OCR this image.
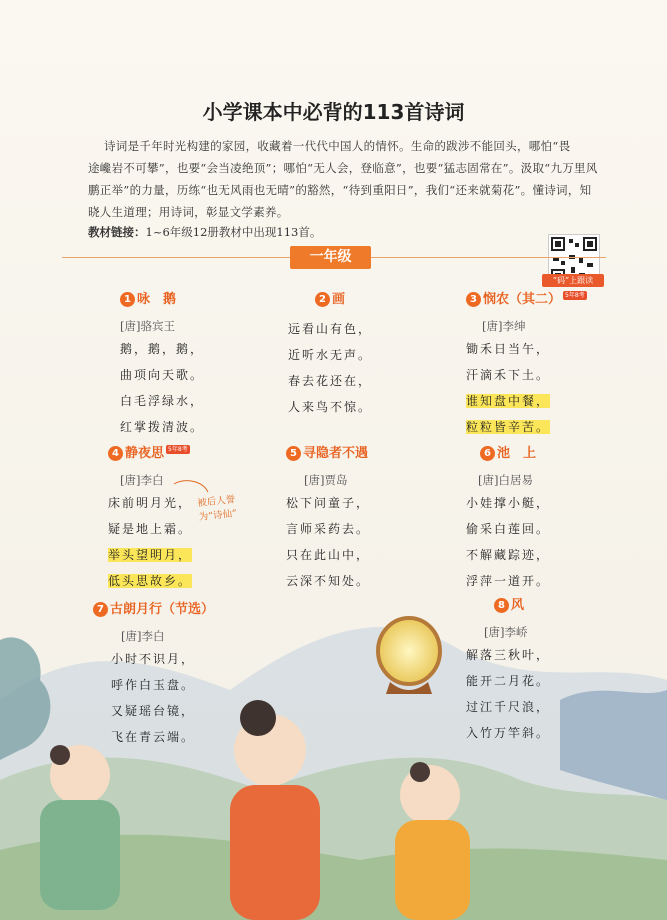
小学课本中必背的113首诗词

诗词是千年时光构建的家园，收藏着一代代中国人的情怀。生命的跋涉不能回头，哪怕“畏

途巉岩不可攀”，也要“会当凌绝顶”；哪怕“无人会，登临意”，也要“猛志固常在”。汲取“九万里风

鹏正举”的力量，历练“也无风雨也无晴”的豁然，“待到重阳日”，我们“还来就菊花”。懂诗词，知

晓人生道理；用诗词，彰显文学素养。

教材链接：1~6年级12册教材中出现113首。
“码”上跟读
一年级
1 咏　鹅
[唐]骆宾王
鹅，鹅，鹅，
曲项向天歌。
白毛浮绿水，
红掌拨清波。
2 画
远看山有色，
近听水无声。
春去花还在，
人来鸟不惊。
3 悯农（其二） 5年8考
[唐]李绅
锄禾日当午，
汗滴禾下土。
谁知盘中餐，
粒粒皆辛苦。
4 静夜思 5年8考
[唐]李白
床前明月光，
疑是地上霜。
举头望明月，
低头思故乡。
被后人誉为“诗仙”
5 寻隐者不遇
[唐]贾岛
松下问童子，
言师采药去。
只在此山中，
云深不知处。
6 池　上
[唐]白居易
小娃撑小艇，
偷采白莲回。
不解藏踪迹，
浮萍一道开。
7 古朗月行（节选）
[唐]李白
小时不识月，
呼作白玉盘。
又疑瑶台镜，
飞在青云端。
8 风
[唐]李峤
解落三秋叶，
能开二月花。
过江千尺浪，
入竹万竿斜。
